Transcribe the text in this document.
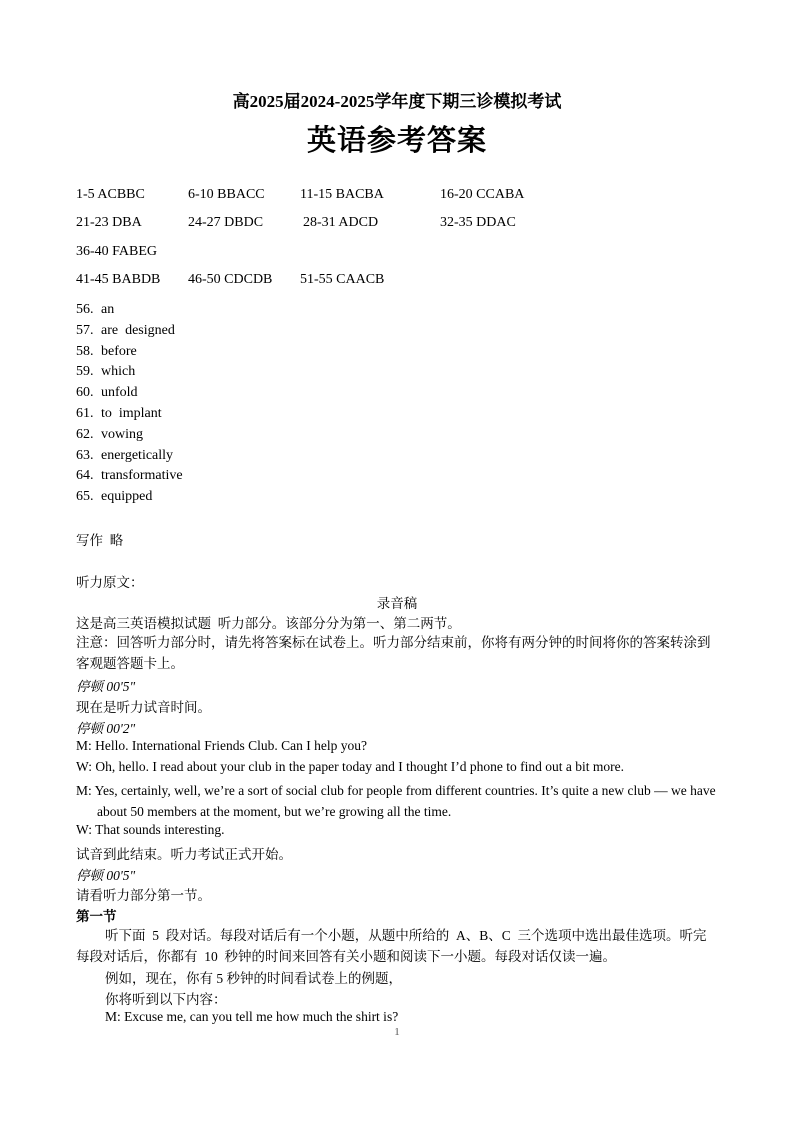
高2025届2024-2025学年度下期三诊模拟考试
英语参考答案
1-5 ACBBC	6-10 BBACC	11-15 BACBA	16-20 CCABA
21-23 DBA	24-27 DBDC	28-31 ADCD	32-35 DDAC
36-40 FABEG
41-45 BABDB 46-50 CDCDB 51-55 CAACB
56. an
57. are  designed
58. before
59. which
60. unfold
61. to  implant
62. vowing
63. energetically
64. transformative
65. equipped
写作  略
听力原文：
录音稿
这是高三英语模拟试题  听力部分。该部分分为第一、第二两节。
注意：回答听力部分时，请先将答案标在试卷上。听力部分结束前，你将有两分钟的时间将你的答案转涂到客观题答题卡上。
停顿 00'5"
现在是听力试音时间。
停顿 00'2"
M: Hello. International Friends Club. Can I help you?
W: Oh, hello. I read about your club in the paper today and I thought I’d phone to find out a bit more.
M: Yes, certainly, well, we’re a sort of social club for people from different countries. It’s quite a new club — we have about 50 members at the moment, but we’re growing all the time.
W: That sounds interesting.
试音到此结束。听力考试正式开始。
停顿 00'5"
请看听力部分第一节。
第一节
听下面  5  段对话。每段对话后有一个小题，从题中所给的  A、B、C  三个选项中选出最佳选项。听完每段对话后，你都有  10  秒钟的时间来回答有关小题和阅读下一小题。每段对话仅读一遍。
例如，现在，你有 5 秒钟的时间看试卷上的例题，
你将听到以下内容：
M: Excuse me, can you tell me how much the shirt is?
1
